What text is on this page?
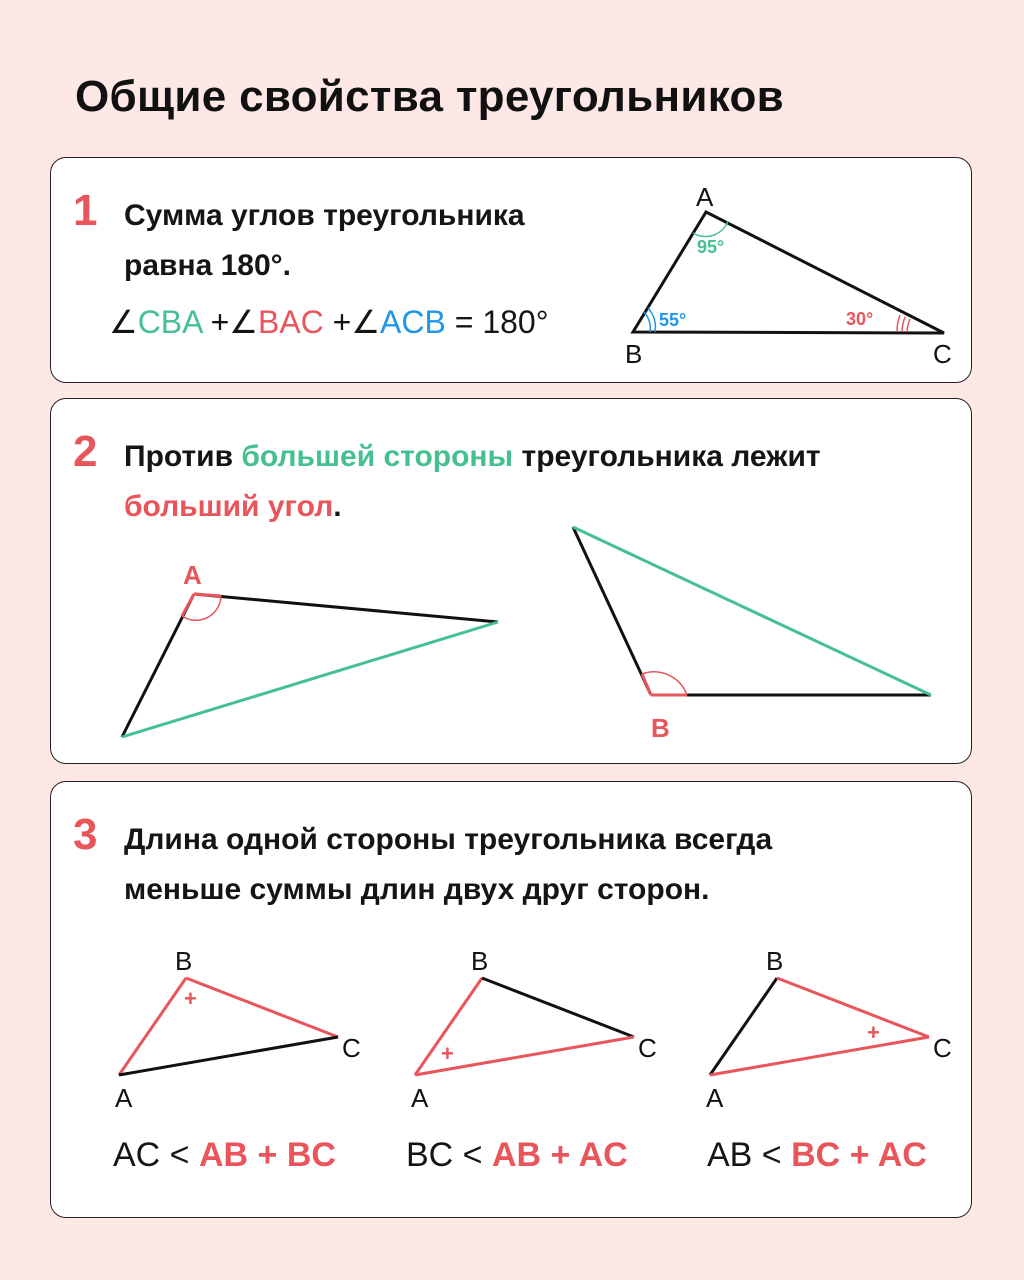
Общие свойства треугольников
1 Сумма углов треугольника
равна 180°.
∠CBA +∠BAC +∠ACB = 180°
A
B	C
95°
55°	30°
2 Против большей стороны треугольника лежит
больший угол.
A
B
3 Длина одной стороны треугольника всегда
меньше суммы длин двух друг сторон.
+
B
C
A
+
B
C
A
+
B
C
A
AC < AB + BC BC < AB + AC AB < BC + AC
